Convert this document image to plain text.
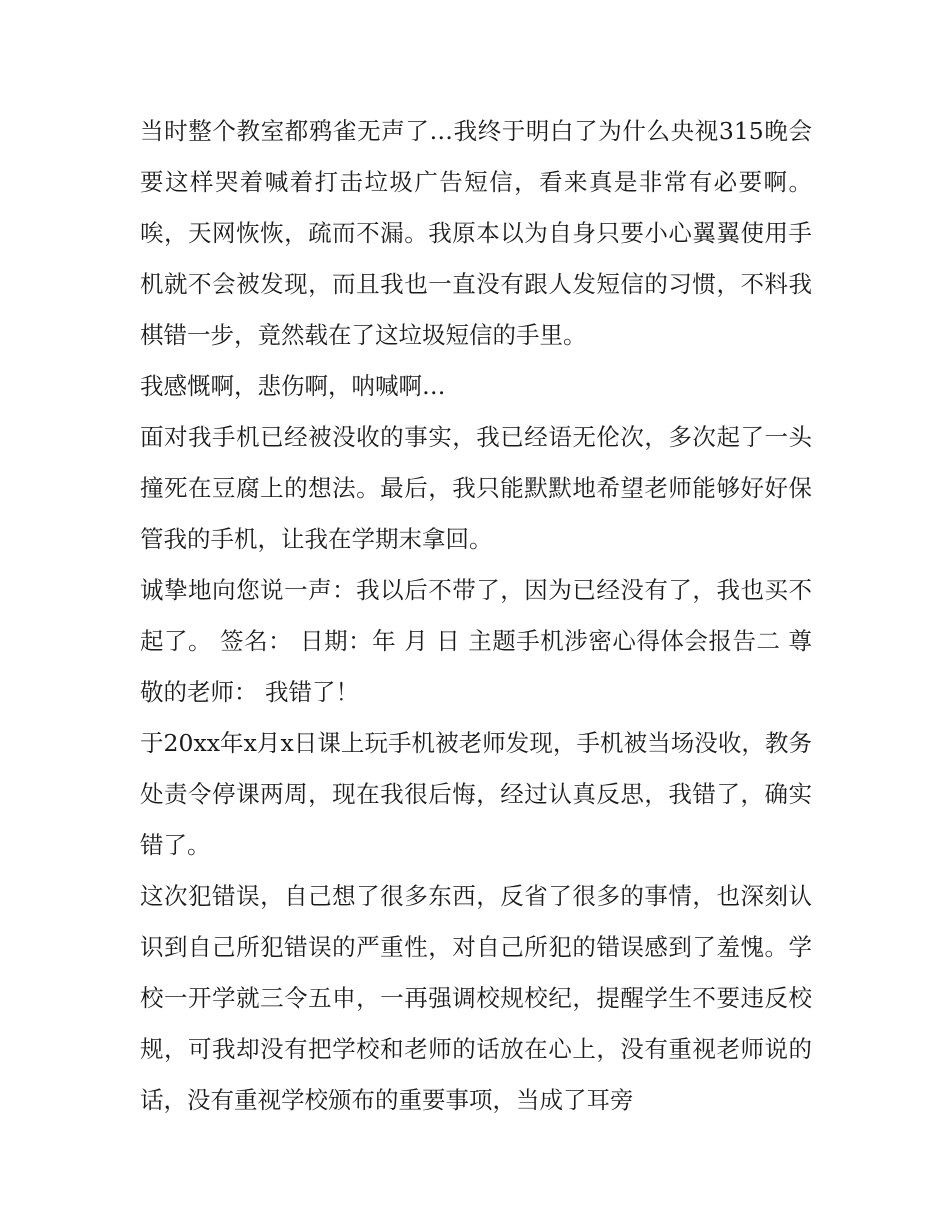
当时整个教室都鸦雀无声了…我终于明白了为什么央视315晚会要这样哭着喊着打击垃圾广告短信，看来真是非常有必要啊。唉，天网恢恢，疏而不漏。我原本以为自身只要小心翼翼使用手机就不会被发现，而且我也一直没有跟人发短信的习惯，不料我棋错一步，竟然载在了这垃圾短信的手里。

我感慨啊，悲伤啊，呐喊啊…

面对我手机已经被没收的事实，我已经语无伦次，多次起了一头撞死在豆腐上的想法。最后，我只能默默地希望老师能够好好保管我的手机，让我在学期末拿回。

诚挚地向您说一声：我以后不带了，因为已经没有了，我也买不起了。 签名： 日期：年 月 日 主题手机涉密心得体会报告二 尊敬的老师： 我错了！

于20xx年x月x日课上玩手机被老师发现，手机被当场没收，教务处责令停课两周，现在我很后悔，经过认真反思，我错了，确实错了。

这次犯错误，自己想了很多东西，反省了很多的事情，也深刻认识到自己所犯错误的严重性，对自己所犯的错误感到了羞愧。学校一开学就三令五申，一再强调校规校纪，提醒学生不要违反校规，可我却没有把学校和老师的话放在心上，没有重视老师说的话，没有重视学校颁布的重要事项，当成了耳旁
